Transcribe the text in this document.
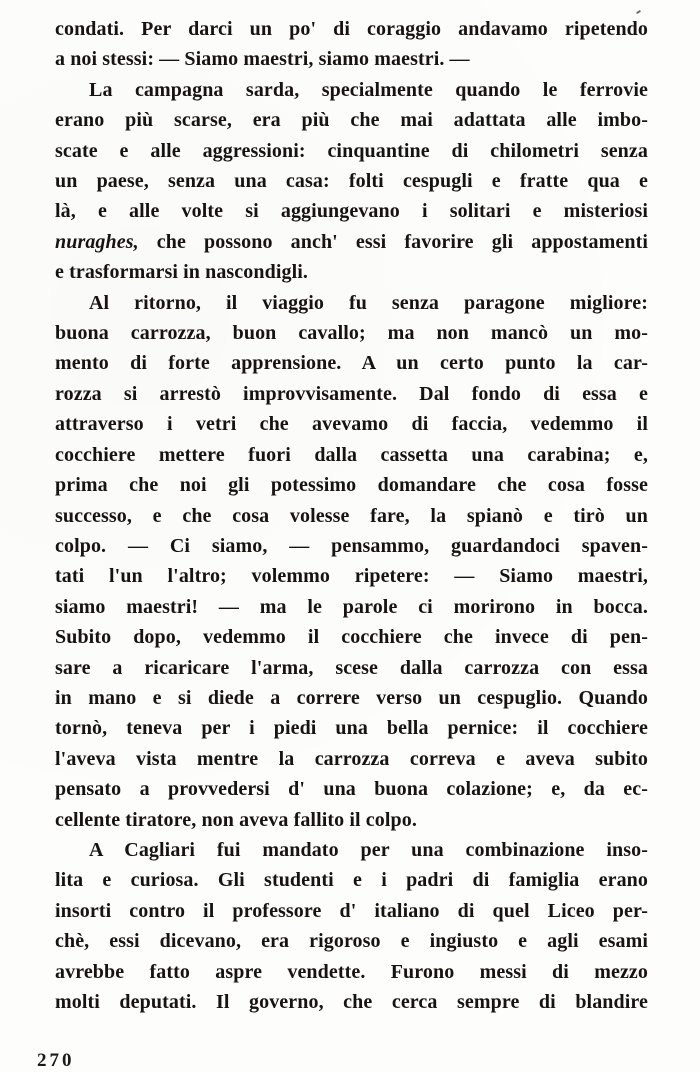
condati. Per darci un po' di coraggio andavamo ripetendo
a noi stessi: — Siamo maestri, siamo maestri. —
La campagna sarda, specialmente quando le ferrovie
erano più scarse, era più che mai adattata alle imbo-
scate e alle aggressioni: cinquantine di chilometri senza
un paese, senza una casa: folti cespugli e fratte qua e
là, e alle volte si aggiungevano i solitari e misteriosi
nuraghes, che possono anch' essi favorire gli appostamenti
e trasformarsi in nascondigli.
Al ritorno, il viaggio fu senza paragone migliore:
buona carrozza, buon cavallo; ma non mancò un mo-
mento di forte apprensione. A un certo punto la car-
rozza si arrestò improvvisamente. Dal fondo di essa e
attraverso i vetri che avevamo di faccia, vedemmo il
cocchiere mettere fuori dalla cassetta una carabina; e,
prima che noi gli potessimo domandare che cosa fosse
successo, e che cosa volesse fare, la spianò e tirò un
colpo. — Ci siamo, — pensammo, guardandoci spaven-
tati l'un l'altro; volemmo ripetere: — Siamo maestri,
siamo maestri! — ma le parole ci morirono in bocca.
Subito dopo, vedemmo il cocchiere che invece di pen-
sare a ricaricare l'arma, scese dalla carrozza con essa
in mano e si diede a correre verso un cespuglio. Quando
tornò, teneva per i piedi una bella pernice: il cocchiere
l'aveva vista mentre la carrozza correva e aveva subito
pensato a provvedersi d' una buona colazione; e, da ec-
cellente tiratore, non aveva fallito il colpo.
A Cagliari fui mandato per una combinazione inso-
lita e curiosa. Gli studenti e i padri di famiglia erano
insorti contro il professore d' italiano di quel Liceo per-
chè, essi dicevano, era rigoroso e ingiusto e agli esami
avrebbe fatto aspre vendette. Furono messi di mezzo
molti deputati. Il governo, che cerca sempre di blandire
270
